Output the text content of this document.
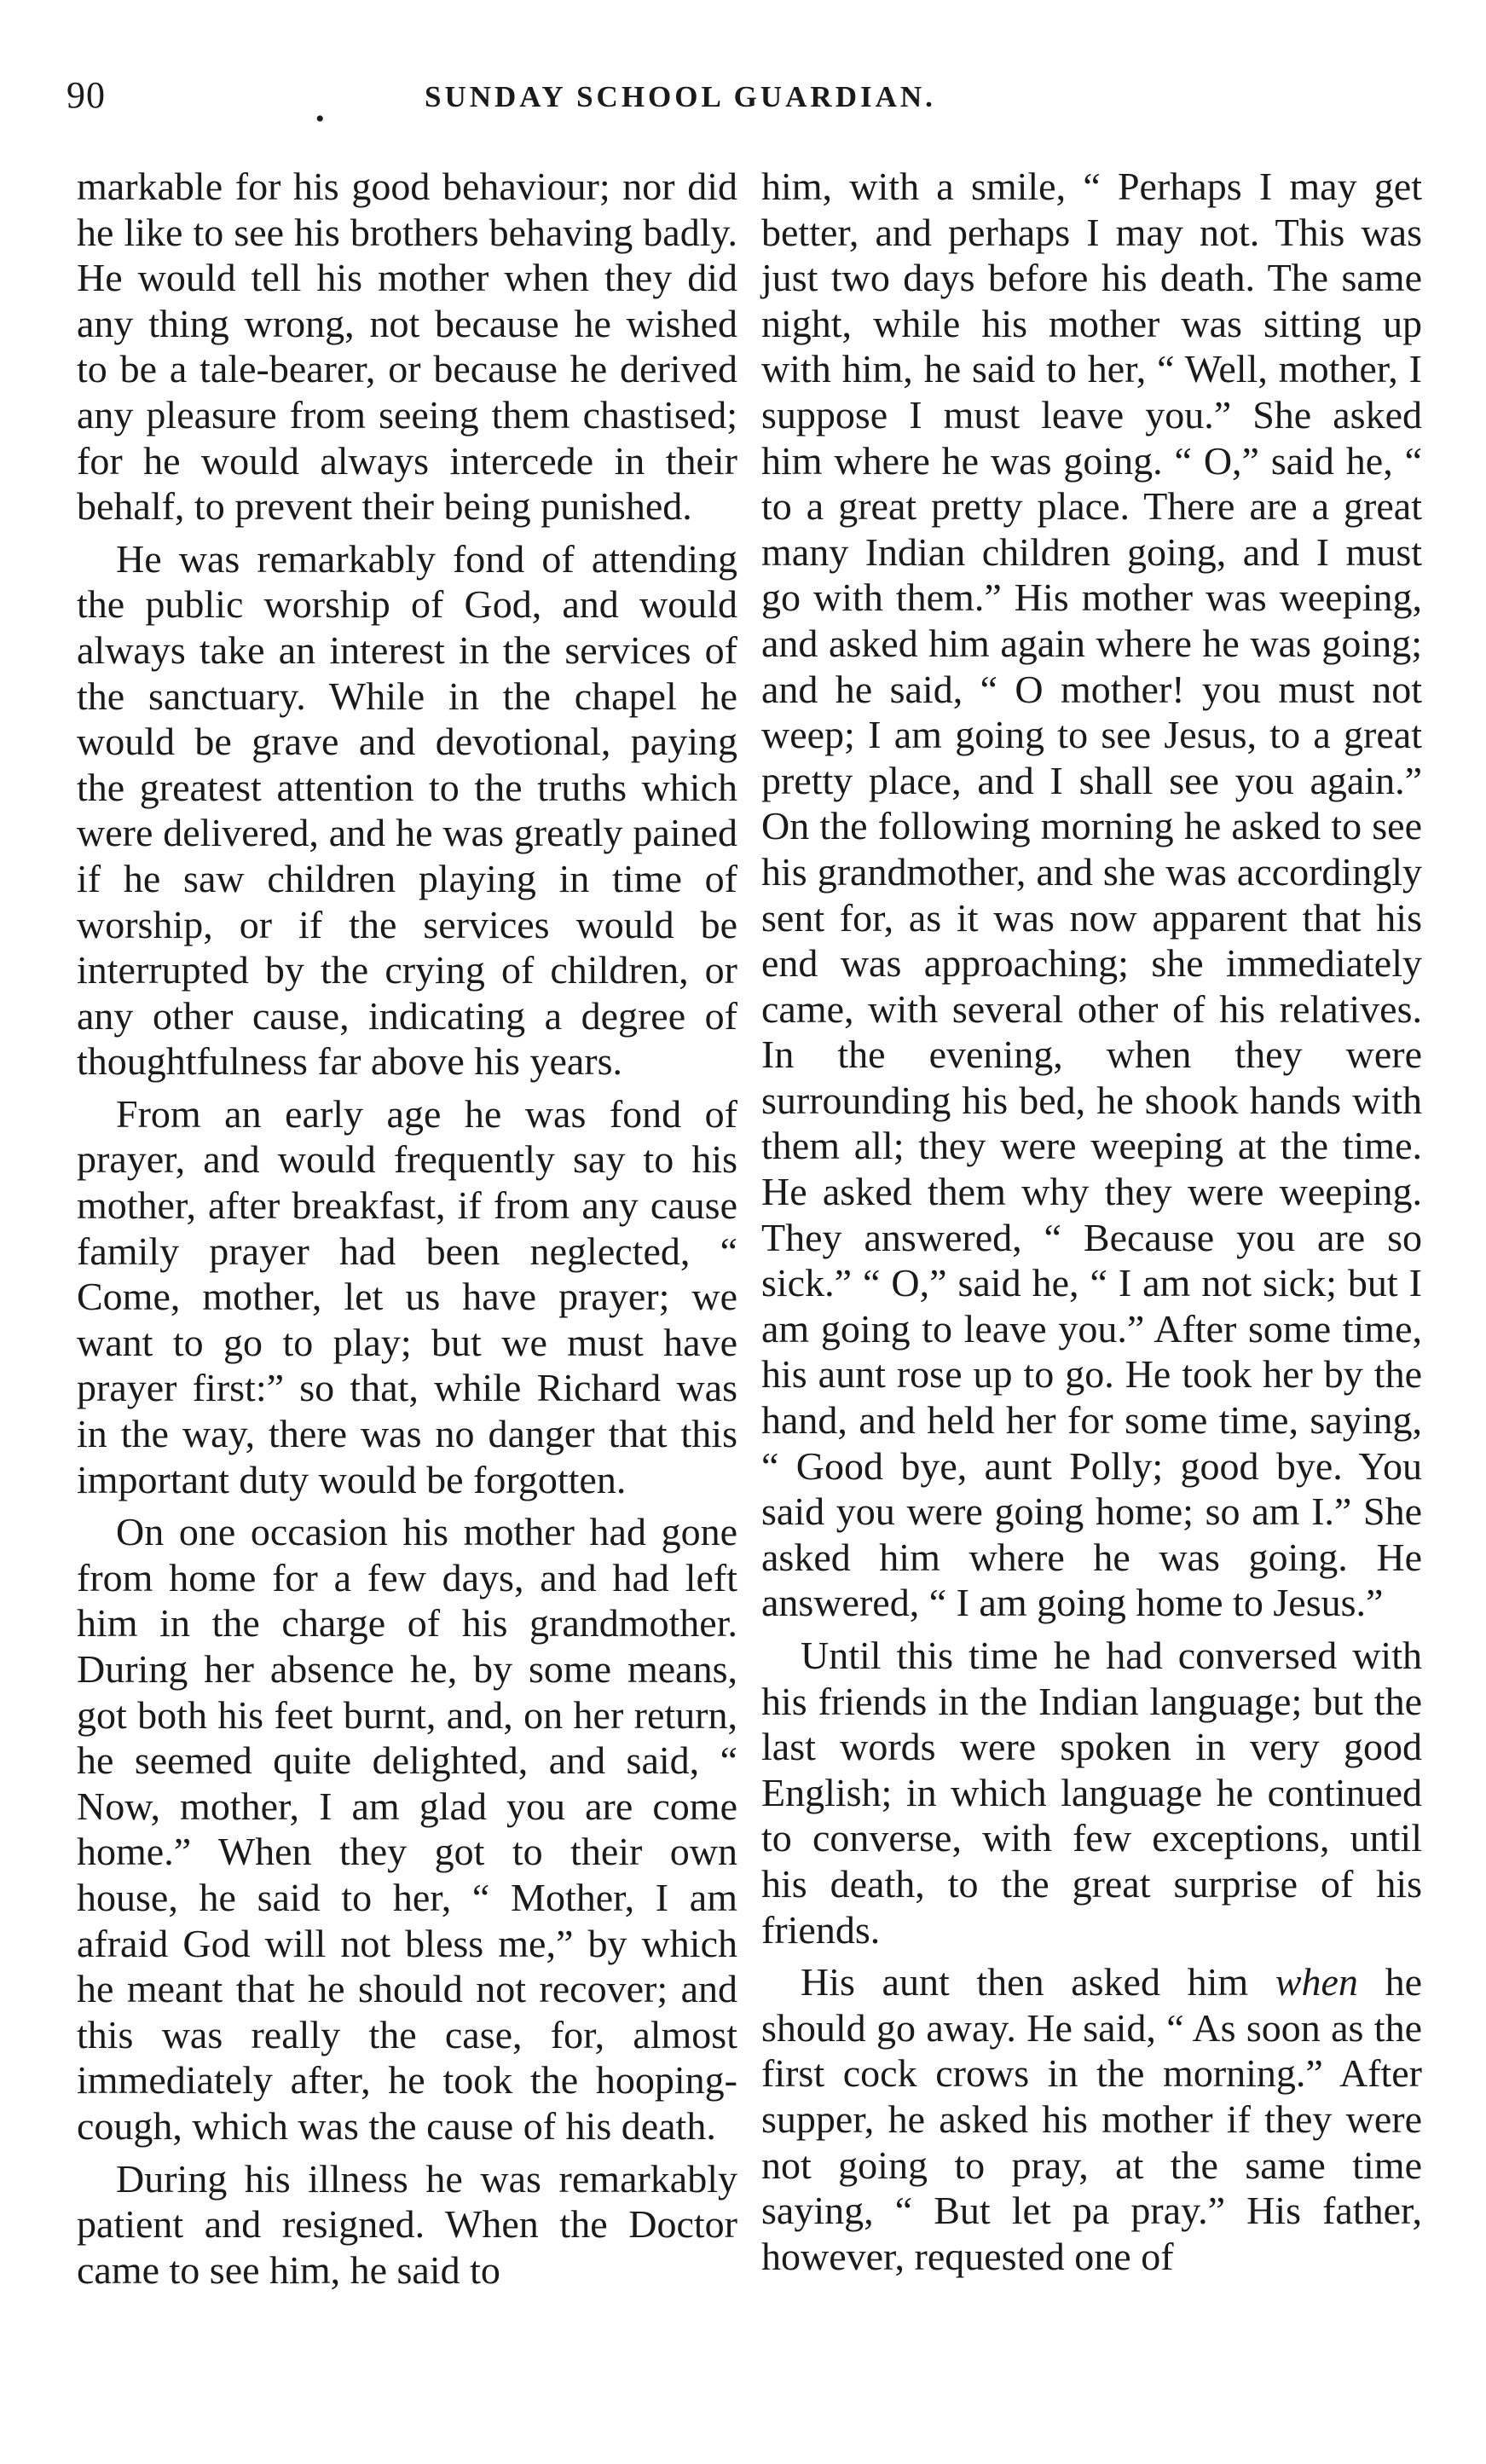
90
•
SUNDAY SCHOOL GUARDIAN.

markable for his good behaviour; nor did he like to see his brothers behaving badly. He would tell his mother when they did any thing wrong, not because he wished to be a tale-bearer, or because he derived any pleasure from seeing them chastised; for he would always intercede in their behalf, to prevent their being punished.

He was remarkably fond of attending the public worship of God, and would always take an interest in the services of the sanctuary. While in the chapel he would be grave and devotional, paying the greatest attention to the truths which were delivered, and he was greatly pained if he saw children playing in time of worship, or if the services would be interrupted by the crying of children, or any other cause, indicating a degree of thoughtfulness far above his years.

From an early age he was fond of prayer, and would frequently say to his mother, after breakfast, if from any cause family prayer had been neglected, “ Come, mother, let us have prayer; we want to go to play; but we must have prayer first:” so that, while Richard was in the way, there was no danger that this important duty would be forgotten.

On one occasion his mother had gone from home for a few days, and had left him in the charge of his grandmother. During her absence he, by some means, got both his feet burnt, and, on her return, he seemed quite delighted, and said, “ Now, mother, I am glad you are come home.” When they got to their own house, he said to her, “ Mother, I am afraid God will not bless me,” by which he meant that he should not recover; and this was really the case, for, almost immediately after, he took the hooping-cough, which was the cause of his death.

During his illness he was remarkably patient and resigned. When the Doctor came to see him, he said to

him, with a smile, “ Perhaps I may get better, and perhaps I may not. This was just two days before his death. The same night, while his mother was sitting up with him, he said to her, “ Well, mother, I suppose I must leave you.” She asked him where he was going. “ O,” said he, “ to a great pretty place. There are a great many Indian children going, and I must go with them.” His mother was weeping, and asked him again where he was going; and he said, “ O mother! you must not weep; I am going to see Jesus, to a great pretty place, and I shall see you again.” On the following morning he asked to see his grandmother, and she was accordingly sent for, as it was now apparent that his end was approaching; she immediately came, with several other of his relatives. In the evening, when they were surrounding his bed, he shook hands with them all; they were weeping at the time. He asked them why they were weeping. They answered, “ Because you are so sick.” “ O,” said he, “ I am not sick; but I am going to leave you.” After some time, his aunt rose up to go. He took her by the hand, and held her for some time, saying, “ Good bye, aunt Polly; good bye. You said you were going home; so am I.” She asked him where he was going. He answered, “ I am going home to Jesus.”

Until this time he had conversed with his friends in the Indian language; but the last words were spoken in very good English; in which language he continued to converse, with few exceptions, until his death, to the great surprise of his friends.

His aunt then asked him when he should go away. He said, “ As soon as the first cock crows in the morning.” After supper, he asked his mother if they were not going to pray, at the same time saying, “ But let pa pray.” His father, however, requested one of
